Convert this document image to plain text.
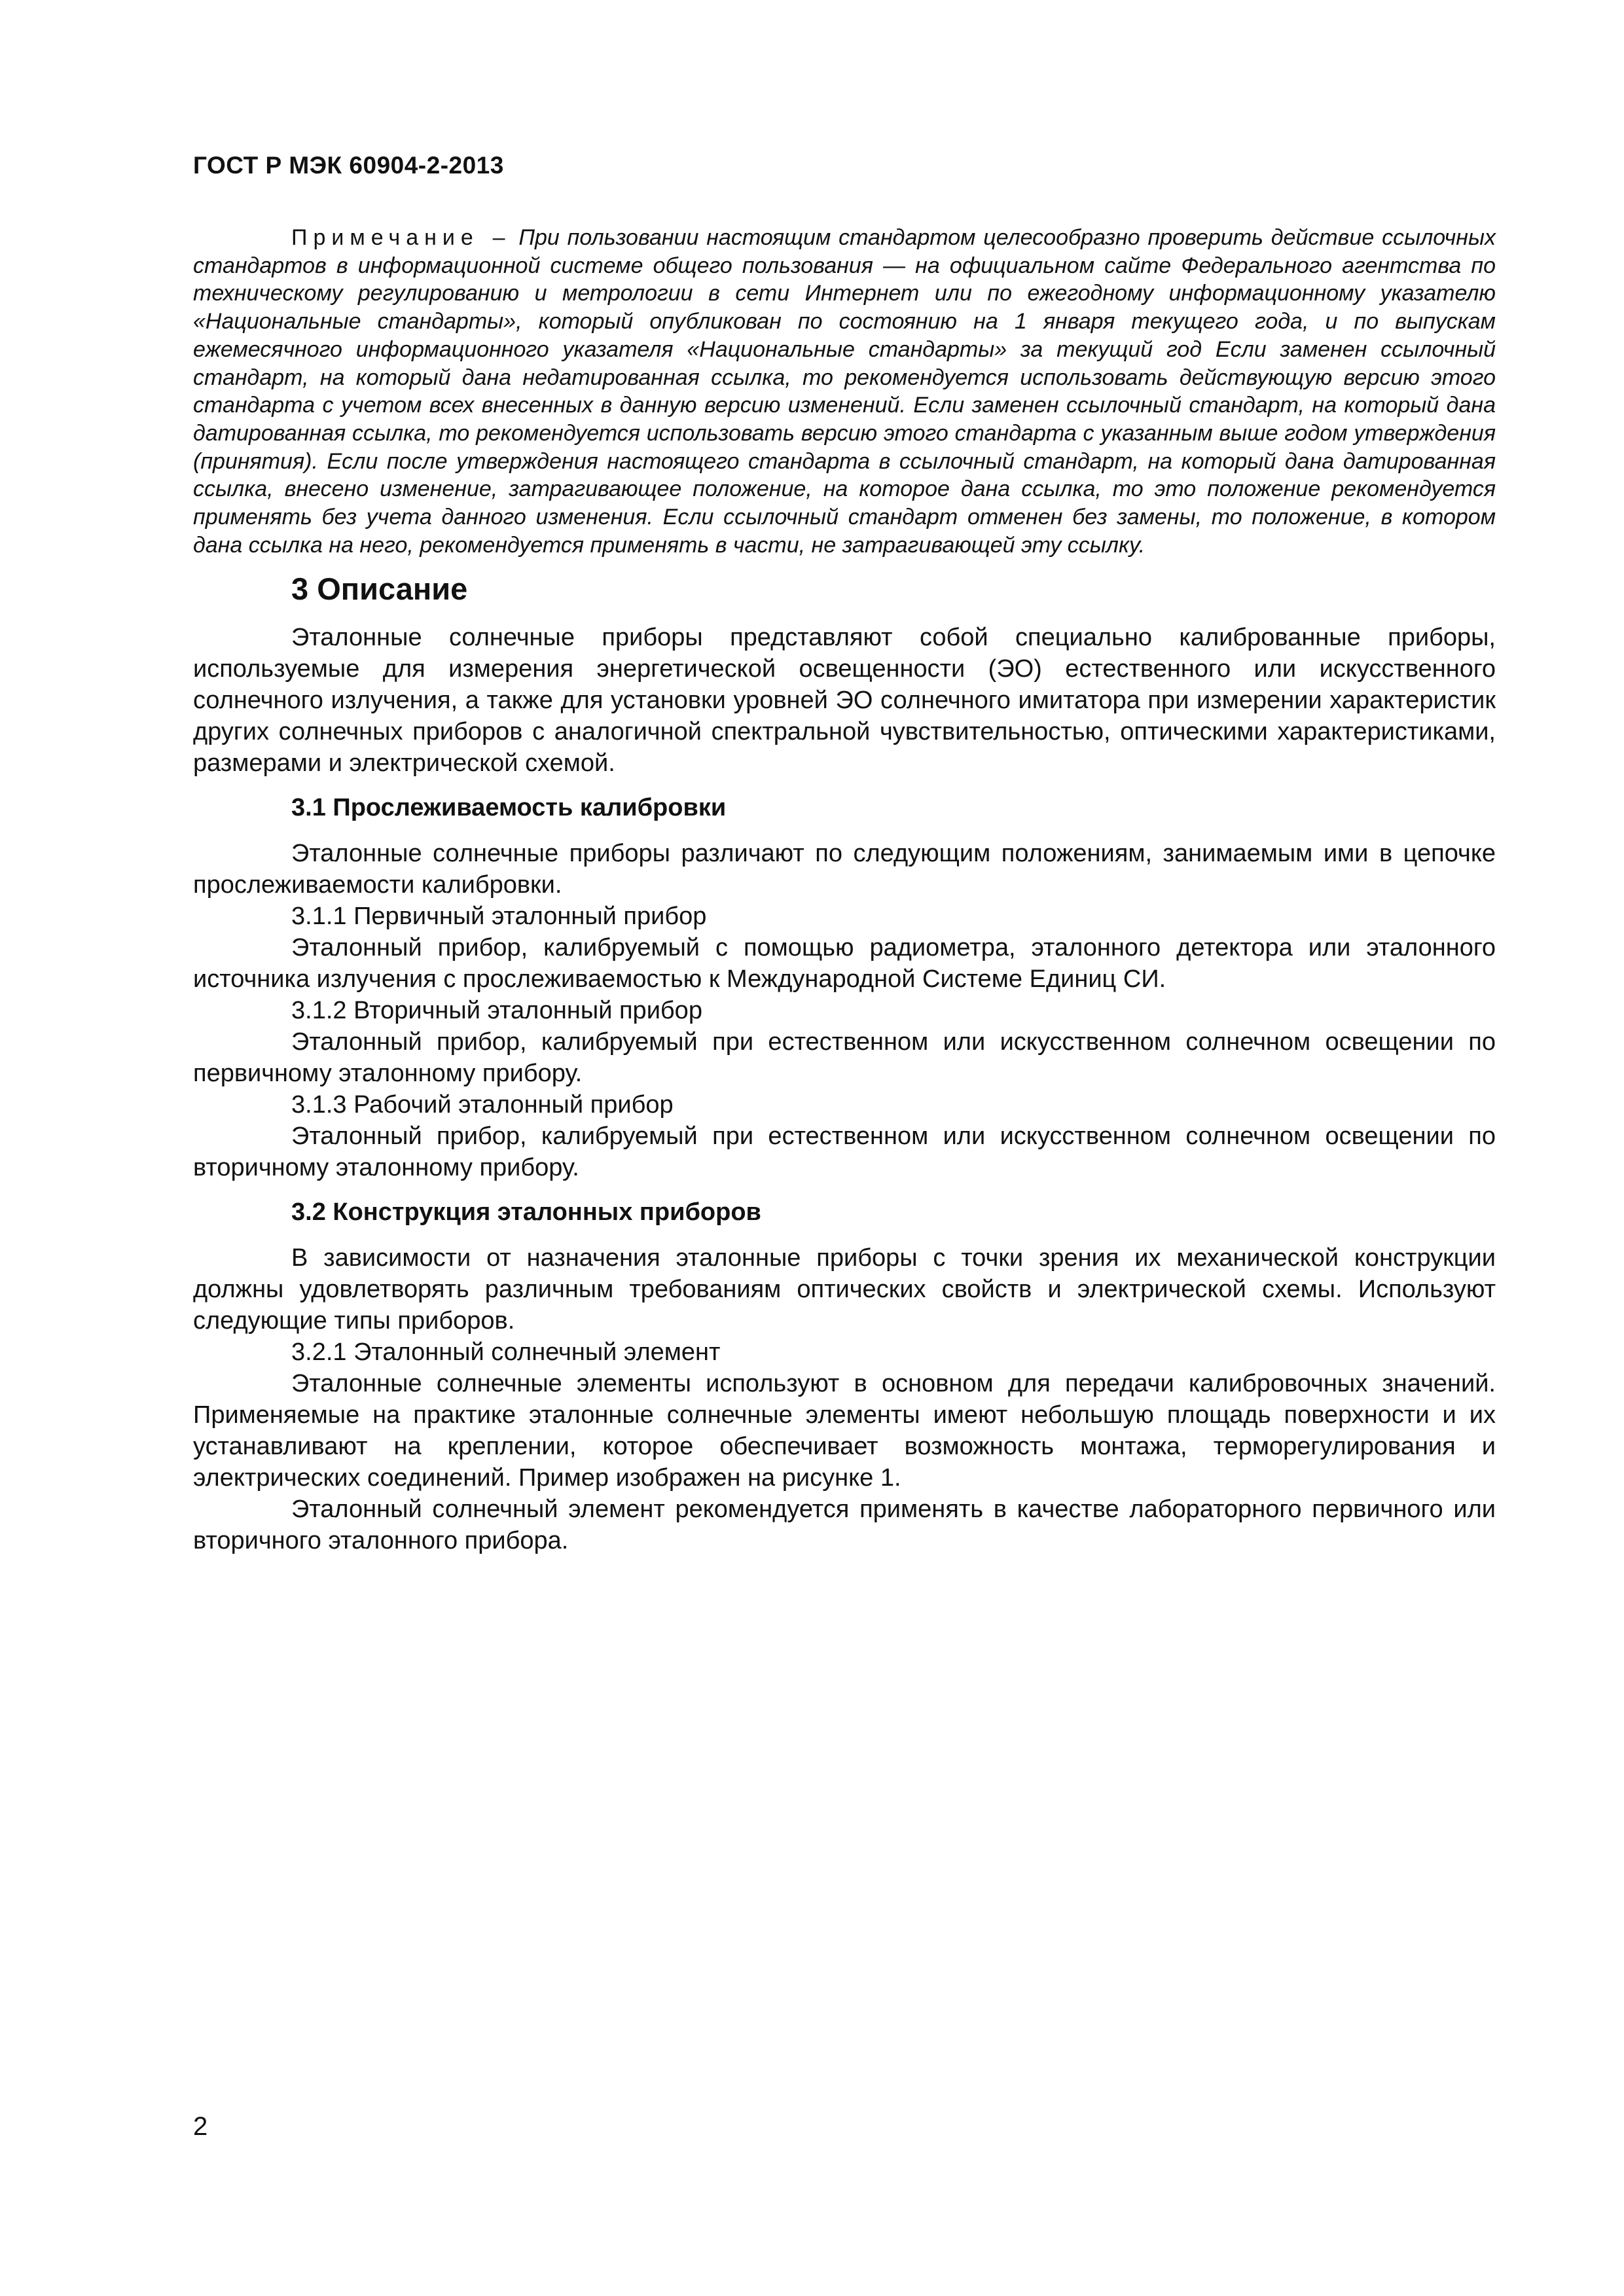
ГОСТ Р МЭК 60904-2-2013

Примечание – При пользовании настоящим стандартом целесообразно проверить действие ссылочных стандартов в информационной системе общего пользования — на официальном сайте Федерального агентства по техническому регулированию и метрологии в сети Интернет или по ежегодному информационному указателю «Национальные стандарты», который опубликован по состоянию на 1 января текущего года, и по выпускам ежемесячного информационного указателя «Национальные стандарты» за текущий год Если заменен ссылочный стандарт, на который дана недатированная ссылка, то рекомендуется использовать действующую версию этого стандарта с учетом всех внесенных в данную версию изменений. Если заменен ссылочный стандарт, на который дана датированная ссылка, то рекомендуется использовать версию этого стандарта с указанным выше годом утверждения (принятия). Если после утверждения настоящего стандарта в ссылочный стандарт, на который дана датированная ссылка, внесено изменение, затрагивающее положение, на которое дана ссылка, то это положение рекомендуется применять без учета данного изменения. Если ссылочный стандарт отменен без замены, то положение, в котором дана ссылка на него, рекомендуется применять в части, не затрагивающей эту ссылку.

3 Описание

Эталонные солнечные приборы представляют собой специально калиброванные приборы, используемые для измерения энергетической освещенности (ЭО) естественного или искусственного солнечного излучения, а также для установки уровней ЭО солнечного имитатора при измерении характеристик других солнечных приборов с аналогичной спектральной чувствительностью, оптическими характеристиками, размерами и электрической схемой.

3.1 Прослеживаемость калибровки

Эталонные солнечные приборы различают по следующим положениям, занимаемым ими в цепочке прослеживаемости калибровки.

3.1.1 Первичный эталонный прибор

Эталонный прибор, калибруемый с помощью радиометра, эталонного детектора или эталонного источника излучения с прослеживаемостью к Международной Системе Единиц СИ.

3.1.2 Вторичный эталонный прибор

Эталонный прибор, калибруемый при естественном или искусственном солнечном освещении по первичному эталонному прибору.

3.1.3 Рабочий эталонный прибор

Эталонный прибор, калибруемый при естественном или искусственном солнечном освещении по вторичному эталонному прибору.

3.2 Конструкция эталонных приборов

В зависимости от назначения эталонные приборы с точки зрения их механической конструкции должны удовлетворять различным требованиям оптических свойств и электрической схемы. Используют следующие типы приборов.

3.2.1 Эталонный солнечный элемент

Эталонные солнечные элементы используют в основном для передачи калибровочных значений. Применяемые на практике эталонные солнечные элементы имеют небольшую площадь поверхности и их устанавливают на креплении, которое обеспечивает возможность монтажа, терморегулирования и электрических соединений. Пример изображен на рисунке 1.

Эталонный солнечный элемент рекомендуется применять в качестве лабораторного первичного или вторичного эталонного прибора.

2
